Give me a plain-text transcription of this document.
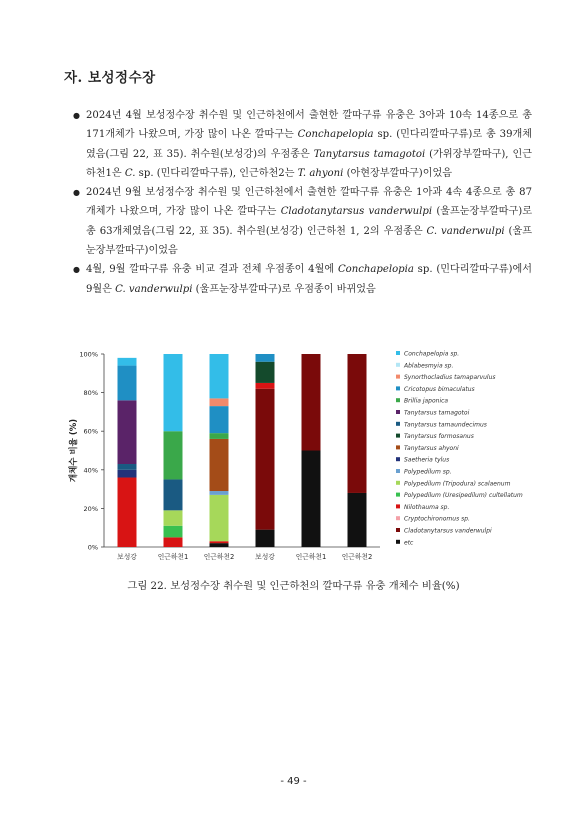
자. 보성정수장
● 2024년 4월 보성정수장 취수원 및 인근하천에서 출현한 깔따구류 유충은 3아과 10속 14종으로 총 171개체가 나왔으며, 가장 많이 나온 깔따구는 Conchapelopia sp. (민다리깔따구류)로 총 39개체였음(그림 22, 표 35). 취수원(보성강)의 우점종은 Tanytarsus tamagotoi (가위장부깔따구), 인근하천1은 C. sp. (민다리깔따구류), 인근하천2는 T. ahyoni (아현장부깔따구)이었음
● 2024년 9월 보성정수장 취수원 및 인근하천에서 출현한 깔따구류 유충은 1아과 4속 4종으로 총 87개체가 나왔으며, 가장 많이 나온 깔따구는 Cladotanytarsus vanderwulpi (울프눈장부깔따구)로 총 63개체였음(그림 22, 표 35). 취수원(보성강) 인근하천 1, 2의 우점종은 C. vanderwulpi (울프눈장부깔따구)이었음
● 4월, 9월 깔따구류 유충 비교 결과 전체 우점종이 4월에 Conchapelopia sp. (민다리깔따구류)에서 9월은 C. vanderwulpi (울프눈장부깔따구)로 우점종이 바뀌었음
0%
20%
40%
60%
80%
100%
개체수 비율 (%)
보성강	인근하천1 인근하천2	보성강	인근하천1 인근하천2
Conchapelopia sp.
Ablabesmyia sp.
Synorthocladius tamaparvulus
Cricotopus bimaculatus
Brillia japonica
Tanytarsus tamagotoi
Tanytarsus tamaundecimus
Tanytarsus formosanus
Tanytarsus ahyoni
Saetheria tylus
Polypedilum sp.
Polypedilum (Tripodura) scalaenum
Polypedilum (Uresipedilum) cultellatum
Nilothauma sp.
Cryptochironomus sp.
Cladotanytarsus vanderwulpi
etc
그림 22. 보성정수장 취수원 및 인근하천의 깔따구류 유충 개체수 비율(%)
- 49 -
